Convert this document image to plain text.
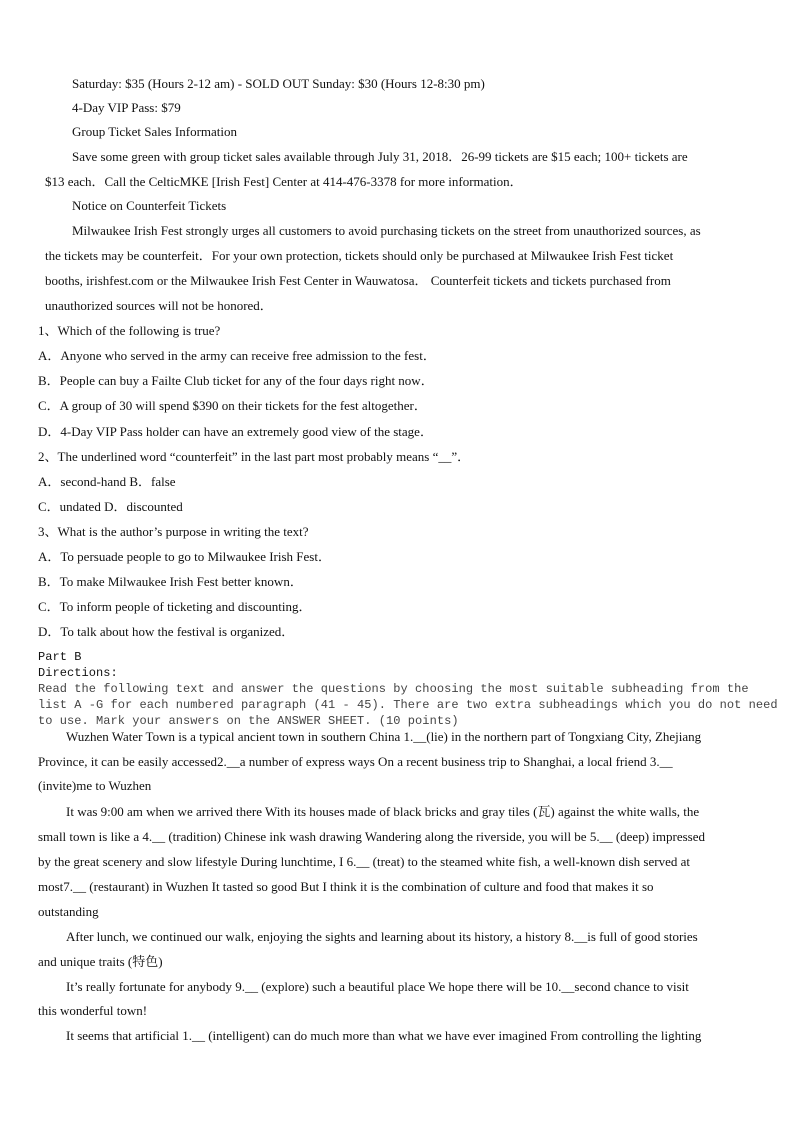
Saturday: $35 (Hours 2-12 am) - SOLD OUT Sunday: $30 (Hours 12-8:30 pm)
4-Day VIP Pass: $79
Group Ticket Sales Information
Save some green with group ticket sales available through July 31, 2018．26-99 tickets are $15 each; 100+ tickets are
$13 each．Call the CelticMKE [Irish Fest] Center at 414-476-3378 for more information．
Notice on Counterfeit Tickets
Milwaukee Irish Fest strongly urges all customers to avoid purchasing tickets on the street from unauthorized sources, as
the tickets may be counterfeit．For your own protection, tickets should only be purchased at Milwaukee Irish Fest ticket
booths, irishfest.com or the Milwaukee Irish Fest Center in Wauwatosa． Counterfeit tickets and tickets purchased from
unauthorized sources will not be honored．
1、Which of the following is true?
A．Anyone who served in the army can receive free admission to the fest．
B．People can buy a Failte Club ticket for any of the four days right now．
C．A group of 30 will spend $390 on their tickets for the fest altogether．
D．4-Day VIP Pass holder can have an extremely good view of the stage．
2、The underlined word “counterfeit” in the last part most probably means “__”．
A．second-hand B．false
C．undated D．discounted
3、What is the author’s purpose in writing the text?
A．To persuade people to go to Milwaukee Irish Fest．
B．To make Milwaukee Irish Fest better known．
C．To inform people of ticketing and discounting．
D．To talk about how the festival is organized．
Part B
Directions:
Read the following text and answer the questions by choosing the most suitable subheading from the
list A -G for each numbered paragraph (41 - 45). There are two extra subheadings which you do not need
to use. Mark your answers on the ANSWER SHEET. (10 points)
Wuzhen Water Town is a typical ancient town in southern China 1.__(lie) in the northern part of Tongxiang City, Zhejiang
Province, it can be easily accessed2.__a number of express ways On a recent business trip to Shanghai, a local friend 3.__
(invite)me to Wuzhen
It was 9:00 am when we arrived there With its houses made of black bricks and gray tiles (瓦) against the white walls, the
small town is like a 4.__ (tradition) Chinese ink wash drawing Wandering along the riverside, you will be 5.__ (deep) impressed
by the great scenery and slow lifestyle During lunchtime, I 6.__ (treat) to the steamed white fish, a well-known dish served at
most7.__ (restaurant) in Wuzhen It tasted so good But I think it is the combination of culture and food that makes it so
outstanding
After lunch, we continued our walk, enjoying the sights and learning about its history, a history 8.__is full of good stories
and unique traits (特色)
It’s really fortunate for anybody 9.__ (explore) such a beautiful place We hope there will be 10.__second chance to visit
this wonderful town!
It seems that artificial 1.__ (intelligent) can do much more than what we have ever imagined From controlling the lighting
